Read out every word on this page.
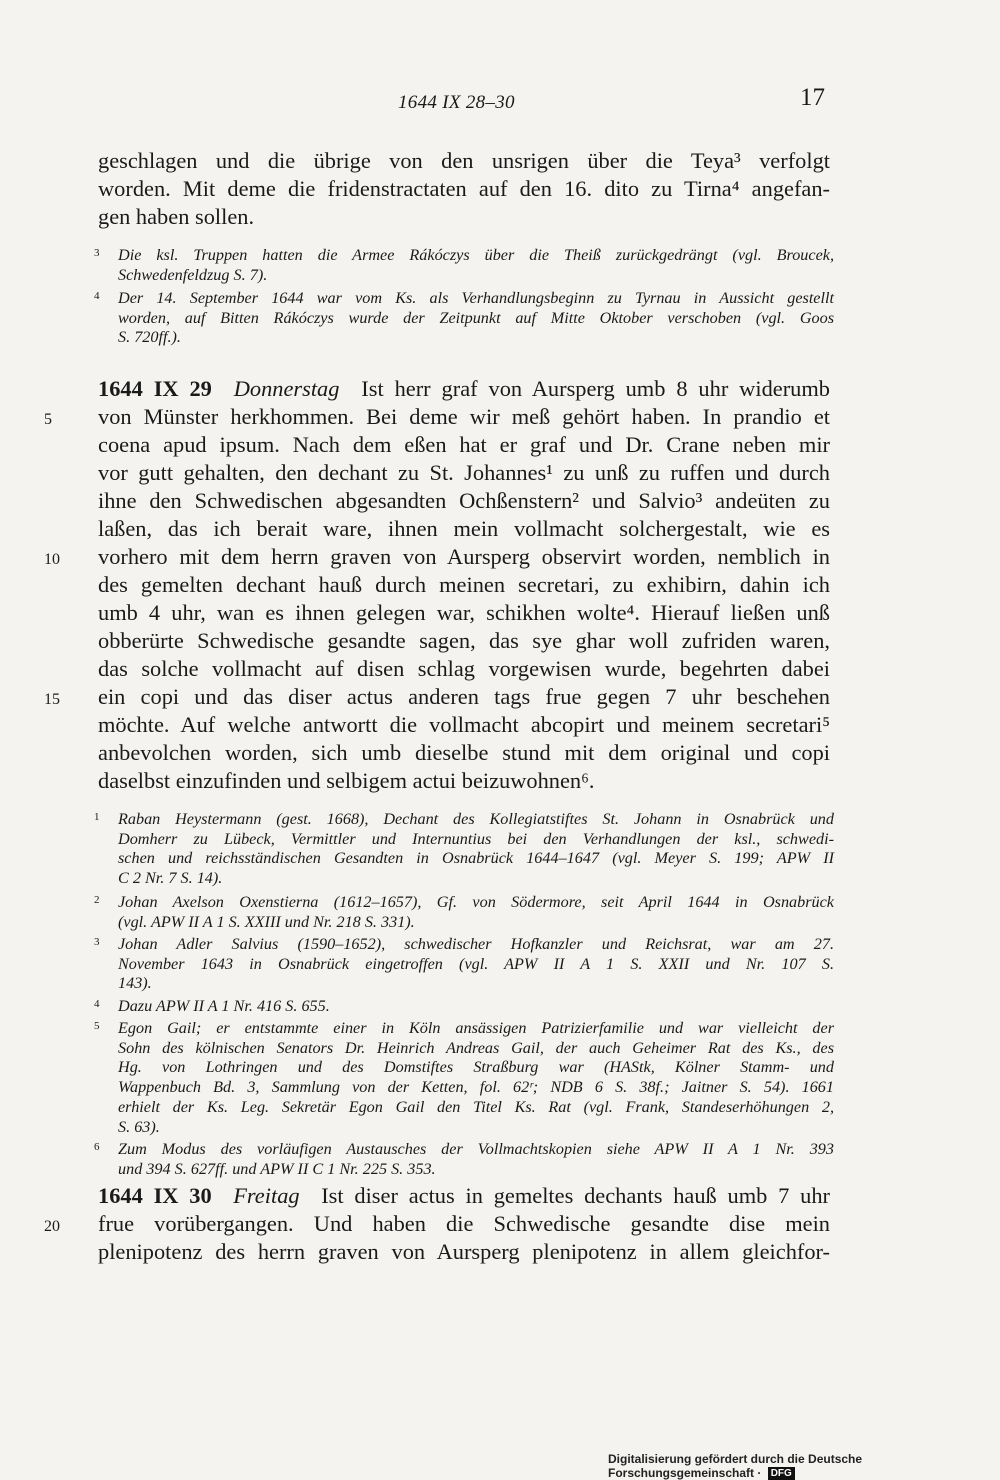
1644 IX 28–30	17
geschlagen und die übrige von den unsrigen über die Teya³ verfolgt
worden. Mit deme die fridenstractaten auf den 16. dito zu Tirna⁴ angefan-
gen haben sollen.
3 Die ksl. Truppen hatten die Armee Rákóczys über die Theiß zurückgedrängt (vgl. Broucek,
Schwedenfeldzug S. 7).
4 Der 14. September 1644 war vom Ks. als Verhandlungsbeginn zu Tyrnau in Aussicht gestellt
worden, auf Bitten Rákóczys wurde der Zeitpunkt auf Mitte Oktober verschoben (vgl. Goos
S. 720ff.).
1644 IX 29 Donnerstag Ist herr graf von Aursperg umb 8 uhr widerumb
5	von Münster herkhommen. Bei deme wir meß gehört haben. In prandio et
coena apud ipsum. Nach dem eßen hat er graf und Dr. Crane neben mir
vor gutt gehalten, den dechant zu St. Johannes¹ zu unß zu ruffen und durch
ihne den Schwedischen abgesandten Ochßenstern² und Salvio³ andeüten zu
laßen, das ich berait ware, ihnen mein vollmacht solchergestalt, wie es
10	vorhero mit dem herrn graven von Aursperg observirt worden, nemblich in
des gemelten dechant hauß durch meinen secretari, zu exhibirn, dahin ich
umb 4 uhr, wan es ihnen gelegen war, schikhen wolte⁴. Hierauf ließen unß
obberürte Schwedische gesandte sagen, das sye ghar woll zufriden waren,
das solche vollmacht auf disen schlag vorgewisen wurde, begehrten dabei
15	ein copi und das diser actus anderen tags frue gegen 7 uhr beschehen
möchte. Auf welche antwortt die vollmacht abcopirt und meinem secretari⁵
anbevolchen worden, sich umb dieselbe stund mit dem original und copi
daselbst einzufinden und selbigem actui beizuwohnen⁶.
1 Raban Heystermann (gest. 1668), Dechant des Kollegiatstiftes St. Johann in Osnabrück und
Domherr zu Lübeck, Vermittler und Internuntius bei den Verhandlungen der ksl., schwedi-
schen und reichsständischen Gesandten in Osnabrück 1644–1647 (vgl. Meyer S. 199; APW II
C 2 Nr. 7 S. 14).
2 Johan Axelson Oxenstierna (1612–1657), Gf. von Södermore, seit April 1644 in Osnabrück
(vgl. APW II A 1 S. XXIII und Nr. 218 S. 331).
3 Johan Adler Salvius (1590–1652), schwedischer Hofkanzler und Reichsrat, war am 27.
November 1643 in Osnabrück eingetroffen (vgl. APW II A 1 S. XXII und Nr. 107 S.
143).
4 Dazu APW II A 1 Nr. 416 S. 655.
5 Egon Gail; er entstammte einer in Köln ansässigen Patrizierfamilie und war vielleicht der
Sohn des kölnischen Senators Dr. Heinrich Andreas Gail, der auch Geheimer Rat des Ks., des
Hg. von Lothringen und des Domstiftes Straßburg war (HAStk, Kölner Stamm- und
Wappenbuch Bd. 3, Sammlung von der Ketten, fol. 62ʳ; NDB 6 S. 38f.; Jaitner S. 54). 1661
erhielt der Ks. Leg. Sekretär Egon Gail den Titel Ks. Rat (vgl. Frank, Standeserhöhungen 2,
S. 63).
6 Zum Modus des vorläufigen Austausches der Vollmachtskopien siehe APW II A 1 Nr. 393
und 394 S. 627ff. und APW II C 1 Nr. 225 S. 353.
1644 IX 30 Freitag Ist diser actus in gemeltes dechants hauß umb 7 uhr
20	frue vorübergangen. Und haben die Schwedische gesandte dise mein
plenipotenz des herrn graven von Aursperg plenipotenz in allem gleichfor-
Digitalisierung gefördert durch die Deutsche Forschungsgemeinschaft · DFG
